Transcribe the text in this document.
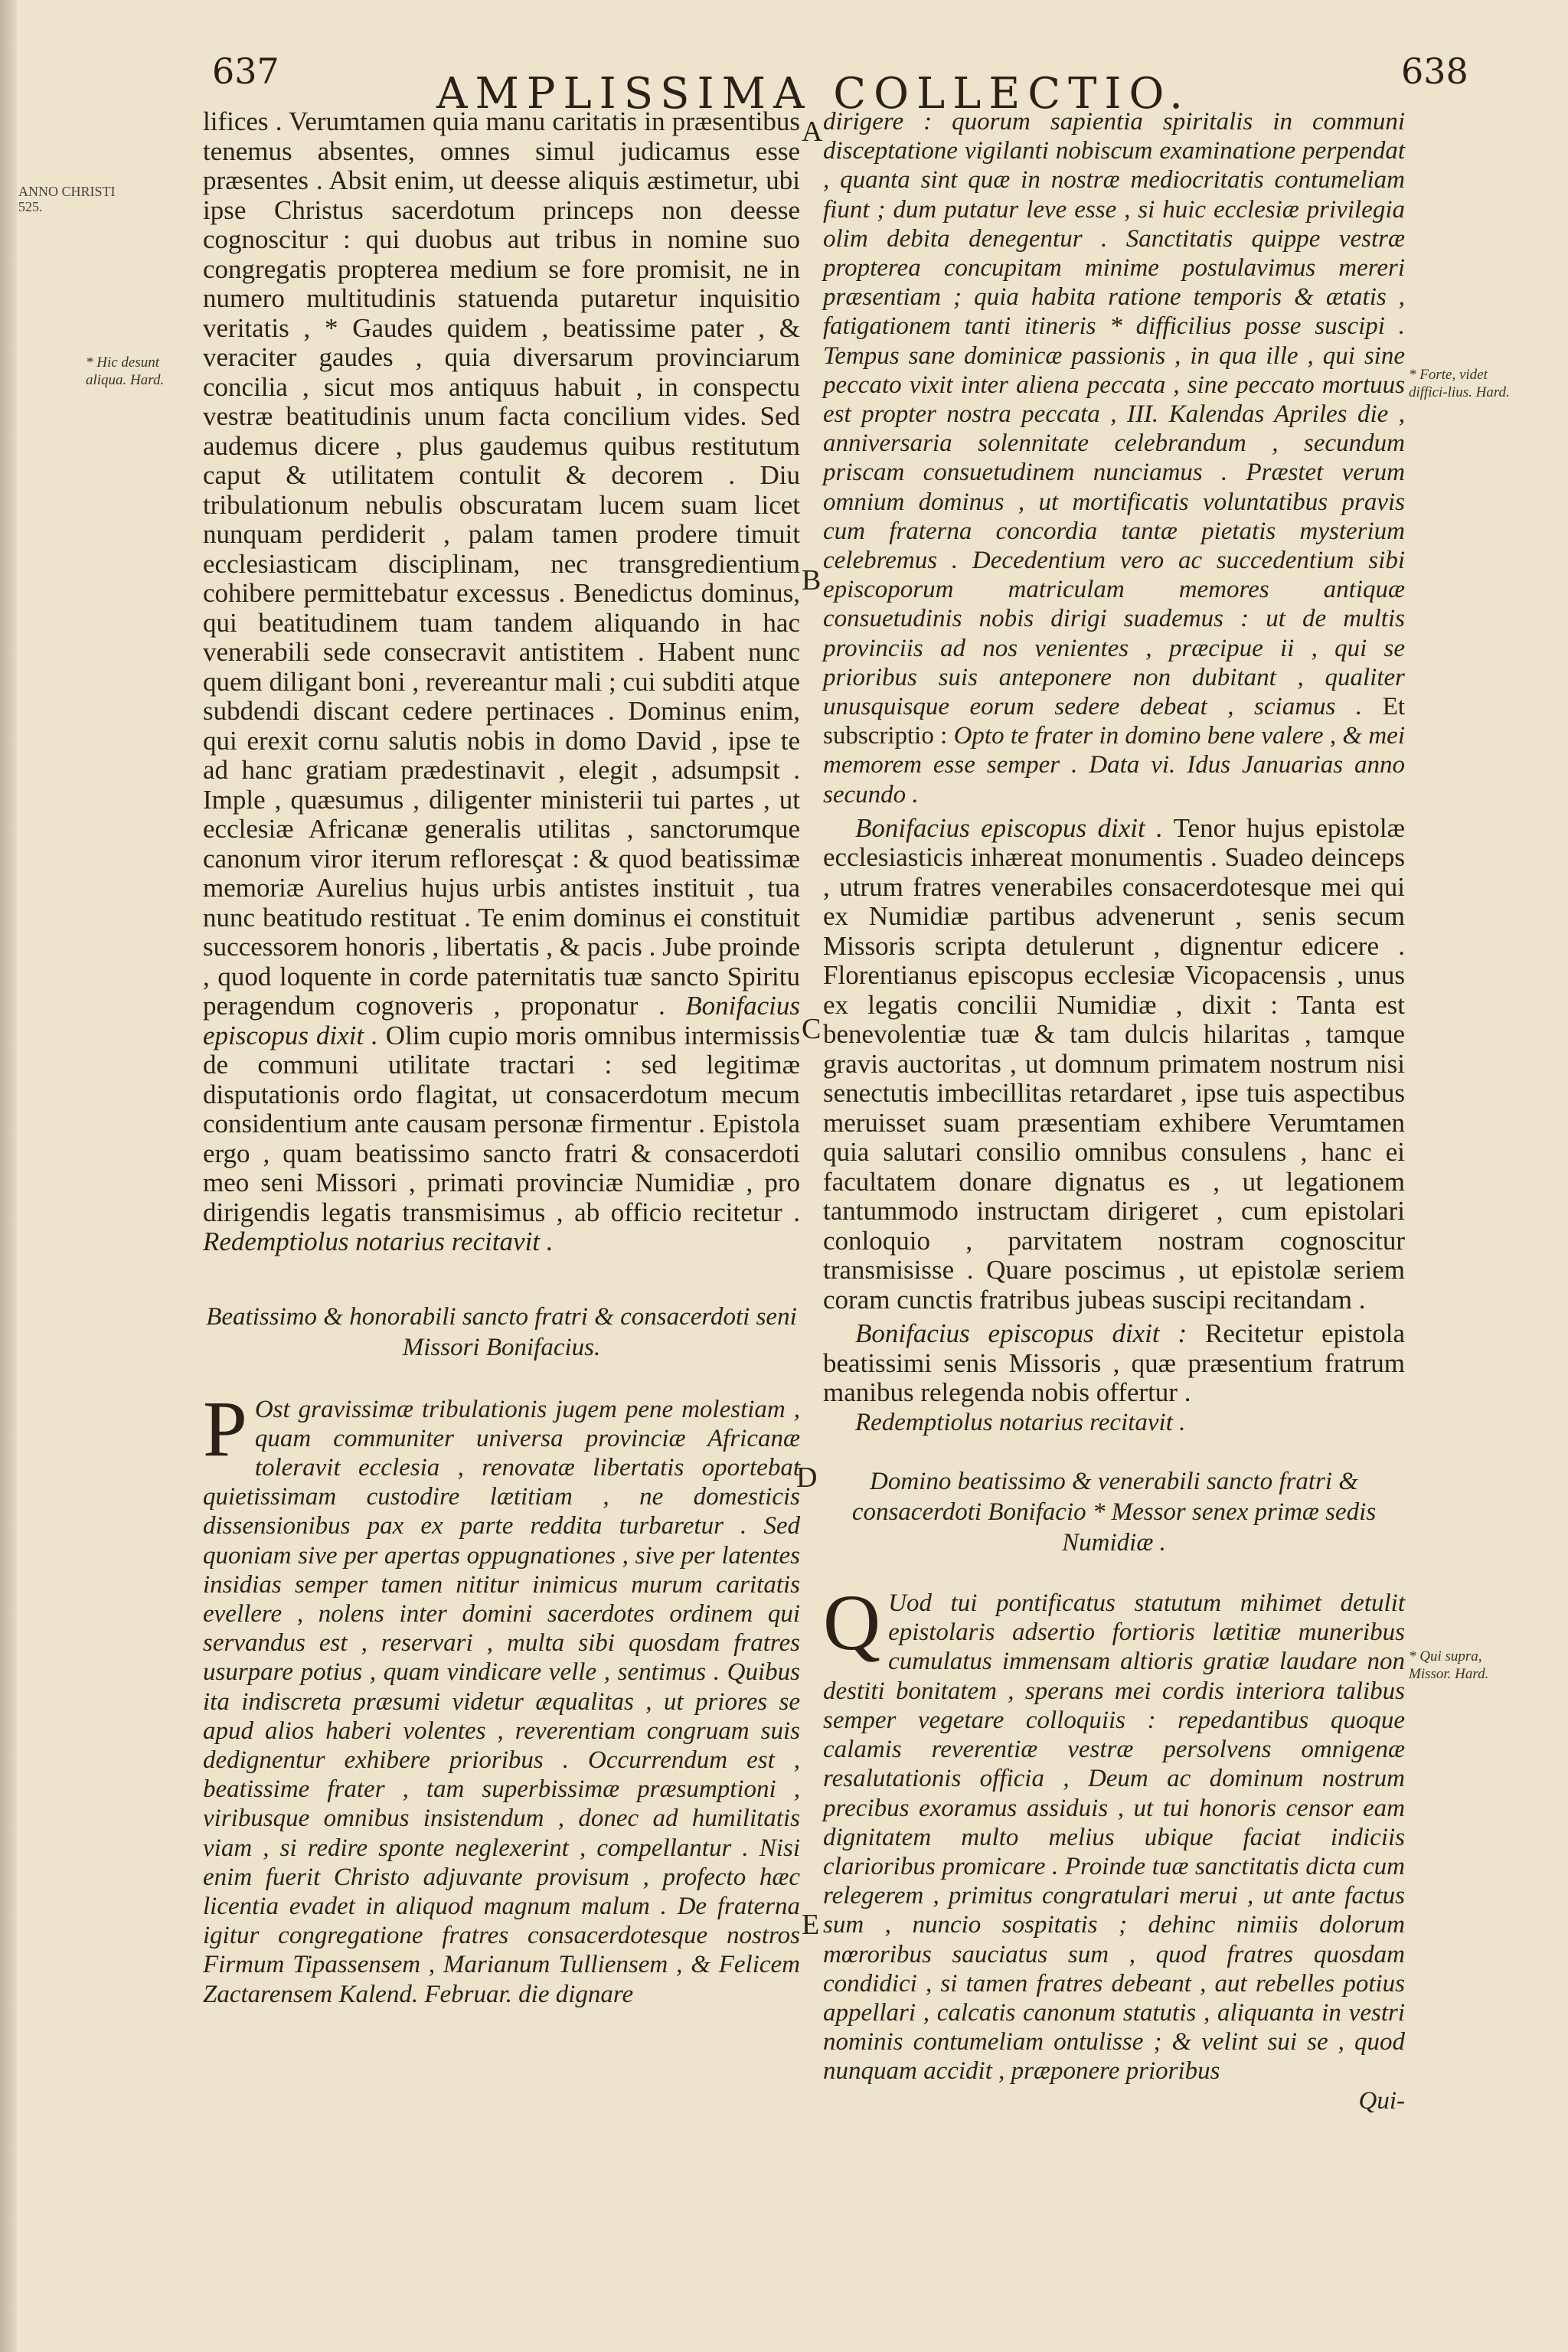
ANNO CHRISTI
525.
637	AMPLISSIMA COLLECTIO.	638

lifices . Verumtamen quia manu caritatis in præsentibus tenemus absentes, omnes simul judicamus esse præsentes . Absit enim, ut deesse aliquis æstimetur, ubi ipse Christus sacerdotum princeps non deesse cognoscitur : qui duobus aut tribus in nomine suo congregatis propterea medium se fore promisit, ne in numero multitudinis statuenda putaretur inquisitio veritatis , * Gaudes quidem , beatissime pater , & veraciter gaudes , quia diversarum provinciarum concilia , sicut mos antiquus habuit , in conspectu vestræ beatitudinis unum facta concilium vides. Sed audemus dicere , plus gaudemus quibus restitutum caput & utilitatem contulit & decorem . Diu tribulationum nebulis obscuratam lucem suam licet nunquam perdiderit , palam tamen prodere timuit ecclesiasticam disciplinam, nec transgredientium cohibere permittebatur excessus . Benedictus dominus, qui beatitudinem tuam tandem aliquando in hac venerabili sede consecravit antistitem . Habent nunc quem diligant boni , revereantur mali ; cui subditi atque subdendi discant cedere pertinaces . Dominus enim, qui erexit cornu salutis nobis in domo David , ipse te ad hanc gratiam prædestinavit , elegit , adsumpsit . Imple , quæsumus , diligenter ministerii tui partes , ut ecclesiæ Africanæ generalis utilitas , sanctorumque canonum viror iterum refloresçat : & quod beatissimæ memoriæ Aurelius hujus urbis antistes instituit , tua nunc beatitudo restituat . Te enim dominus ei constituit successorem honoris , libertatis , & pacis . Jube proinde , quod loquente in corde paternitatis tuæ sancto Spiritu peragendum cognoveris , proponatur . Bonifacius episcopus dixit . Olim cupio moris omnibus intermissis de communi utilitate tractari : sed legitimæ disputationis ordo flagitat, ut consacerdotum mecum considentium ante causam personæ firmentur . Epistola ergo , quam beatissimo sancto fratri & consacerdoti meo seni Missori , primati provinciæ Numidiæ , pro dirigendis legatis transmisimus , ab officio recitetur . Redemptiolus notarius recitavit .

Beatissimo & honorabili sancto fratri & consacerdoti seni Missori Bonifacius.

P Ost gravissimæ tribulationis jugem pene molestiam , quam communiter universa provinciæ Africanæ toleravit ecclesia , renovatæ libertatis oportebat quietissimam custodire lætitiam , ne domesticis dissensionibus pax ex parte reddita turbaretur . Sed quoniam sive per apertas oppugnationes , sive per latentes insidias semper tamen nititur inimicus murum caritatis evellere , nolens inter domini sacerdotes ordinem qui servandus est , reservari , multa sibi quosdam fratres usurpare potius , quam vindicare velle , sentimus . Quibus ita indiscreta præsumi videtur æqualitas , ut priores se apud alios haberi volentes , reverentiam congruam suis dedignentur exhibere prioribus . Occurrendum est , beatissime frater , tam superbissimæ præsumptioni , viribusque omnibus insistendum , donec ad humilitatis viam , si redire sponte neglexerint , compellantur . Nisi enim fuerit Christo adjuvante provisum , profecto hæc licentia evadet in aliquod magnum malum . De fraterna igitur congregatione fratres consacerdotesque nostros Firmum Tipassensem , Marianum Tulliensem , & Felicem Zactarensem Kalend. Februar. die dignare

dirigere : quorum sapientia spiritalis in communi disceptatione vigilanti nobiscum examinatione perpendat , quanta sint quæ in nostræ mediocritatis contumeliam fiunt ; dum putatur leve esse , si huic ecclesiæ privilegia olim debita denegentur . Sanctitatis quippe vestræ propterea concupitam minime postulavimus mereri præsentiam ; quia habita ratione temporis & ætatis , fatigationem tanti itineris * difficilius posse suscipi . Tempus sane dominicæ passionis , in qua ille , qui sine peccato vixit inter aliena peccata , sine peccato mortuus est propter nostra peccata , III. Kalendas Apriles die , anniversaria solennitate celebrandum , secundum priscam consuetudinem nunciamus . Præstet verum omnium dominus , ut mortificatis voluntatibus pravis cum fraterna concordia tantæ pietatis mysterium celebremus . Decedentium vero ac succedentium sibi episcoporum matriculam memores antiquæ consuetudinis nobis dirigi suademus : ut de multis provinciis ad nos venientes , præcipue ii , qui se prioribus suis anteponere non dubitant , qualiter unusquisque eorum sedere debeat , sciamus . Et subscriptio : Opto te frater in domino bene valere , & mei memorem esse semper . Data vi. Idus Januarias anno secundo .

Bonifacius episcopus dixit . Tenor hujus epistolæ ecclesiasticis inhæreat monumentis . Suadeo deinceps , utrum fratres venerabiles consacerdotesque mei qui ex Numidiæ partibus advenerunt , senis secum Missoris scripta detulerunt , dignentur edicere . Florentianus episcopus ecclesiæ Vicopacensis , unus ex legatis concilii Numidiæ , dixit : Tanta est benevolentiæ tuæ & tam dulcis hilaritas , tamque gravis auctoritas , ut domnum primatem nostrum nisi senectutis imbecillitas retardaret , ipse tuis aspectibus meruisset suam præsentiam exhibere Verumtamen quia salutari consilio omnibus consulens , hanc ei facultatem donare dignatus es , ut legationem tantummodo instructam dirigeret , cum epistolari conloquio , parvitatem nostram cognoscitur transmisisse . Quare poscimus , ut epistolæ seriem coram cunctis fratribus jubeas suscipi recitandam .

Bonifacius episcopus dixit : Recitetur epistola beatissimi senis Missoris , quæ præsentium fratrum manibus relegenda nobis offertur .

Redemptiolus notarius recitavit .

Domino beatissimo & venerabili sancto fratri & consacerdoti Bonifacio * Messor senex primæ sedis Numidiæ .

Q Uod tui pontificatus statutum mihimet detulit epistolaris adsertio fortioris lætitiæ muneribus cumulatus immensam altioris gratiæ laudare non destiti bonitatem , sperans mei cordis interiora talibus semper vegetare colloquiis : repedantibus quoque calamis reverentiæ vestræ persolvens omnigenæ resalutationis officia , Deum ac dominum nostrum precibus exoramus assiduis , ut tui honoris censor eam dignitatem multo melius ubique faciat indiciis clarioribus promicare . Proinde tuæ sanctitatis dicta cum relegerem , primitus congratulari merui , ut ante factus sum , nuncio sospitatis ; dehinc nimiis dolorum mœroribus sauciatus sum , quod fratres quosdam condidici , si tamen fratres debeant , aut rebelles potius appellari , calcatis canonum statutis , aliquanta in vestri nominis contumeliam ontulisse ; & velint sui se , quod nunquam accidit , præponere prioribus

Qui-

* Hic desunt aliqua. Hard.	* Forte, videt diffici-lius. Hard.
* Qui supra, Missor. Hard.
A
B
C
D
E
